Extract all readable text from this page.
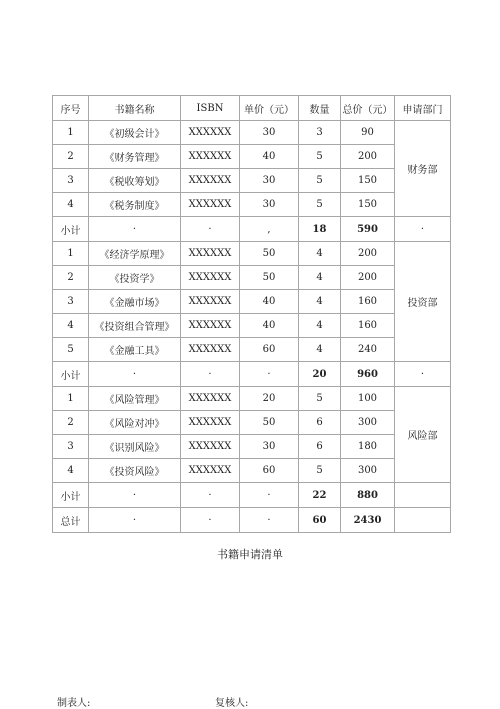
序号	书籍名称	ISBN	单价（元）	数量	总价（元）	申请部门
1	《初级会计》	XXXXXX	30	3	90	财务部
2	《财务管理》	XXXXXX	40	5	200	
3	《税收筹划》	XXXXXX	30	5	150	
4	《税务制度》	XXXXXX	30	5	150	
小计	·	·	,	18	590	·
1	《经济学原理》	XXXXXX	50	4	200	投资部
2	《投资学》	XXXXXX	50	4	200	
3	《金融市场》	XXXXXX	40	4	160	
4	《投资组合管理》	XXXXXX	40	4	160	
5	《金融工具》	XXXXXX	60	4	240	
小计	·	·	·	20	960	·
1	《风险管理》	XXXXXX	20	5	100	风险部
2	《风险对冲》	XXXXXX	50	6	300	
3	《识别风险》	XXXXXX	30	6	180	
4	《投资风险》	XXXXXX	60	5	300	
小计	·	·	·	22	880	
总计	·	·	·	60	2430	
书籍申请清单
制表人:	复核人:
